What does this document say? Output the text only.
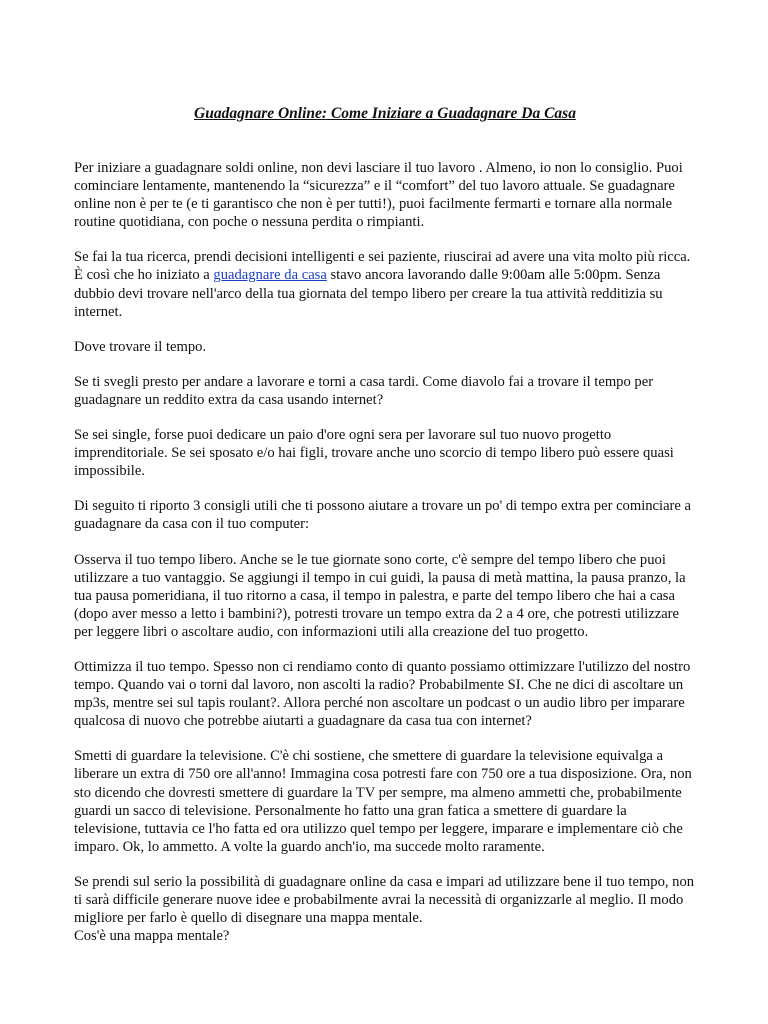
Guadagnare Online: Come Iniziare a Guadagnare Da Casa

Per iniziare a guadagnare soldi online, non devi lasciare il tuo lavoro . Almeno, io non lo consiglio. Puoi cominciare lentamente, mantenendo la “sicurezza” e il “comfort” del tuo lavoro attuale. Se guadagnare online non è per te (e ti garantisco che non è per tutti!), puoi facilmente fermarti e tornare alla normale routine quotidiana, con poche o nessuna perdita o rimpianti.

Se fai la tua ricerca, prendi decisioni intelligenti e sei paziente, riuscirai ad avere una vita molto più ricca. È così che ho iniziato a guadagnare da casa stavo ancora lavorando dalle 9:00am alle 5:00pm. Senza dubbio devi trovare nell'arco della tua giornata del tempo libero per creare la tua attività redditizia su internet.

Dove trovare il tempo.

Se ti svegli presto per andare a lavorare e torni a casa tardi. Come diavolo fai a trovare il tempo per guadagnare un reddito extra da casa usando internet?

Se sei single, forse puoi dedicare un paio d'ore ogni sera per lavorare sul tuo nuovo progetto imprenditoriale. Se sei sposato e/o hai figli, trovare anche uno scorcio di tempo libero può essere quasi impossibile.

Di seguito ti riporto 3 consigli utili che ti possono aiutare a trovare un po' di tempo extra per cominciare a guadagnare da casa con il tuo computer:

Osserva il tuo tempo libero. Anche se le tue giornate sono corte, c'è sempre del tempo libero che puoi utilizzare a tuo vantaggio. Se aggiungi il tempo in cui guidi, la pausa di metà mattina, la pausa pranzo, la tua pausa pomeridiana, il tuo ritorno a casa, il tempo in palestra, e parte del tempo libero che hai a casa (dopo aver messo a letto i bambini?), potresti trovare un tempo extra da 2 a 4 ore, che potresti utilizzare per leggere libri o ascoltare audio, con informazioni utili alla creazione del tuo progetto.

Ottimizza il tuo tempo. Spesso non ci rendiamo conto di quanto possiamo ottimizzare l'utilizzo del nostro tempo. Quando vai o torni dal lavoro, non ascolti la radio? Probabilmente SI. Che ne dici di ascoltare un mp3s, mentre sei sul tapis roulant?. Allora perché non ascoltare un podcast o un audio libro per imparare qualcosa di nuovo che potrebbe aiutarti a guadagnare da casa tua con internet?

Smetti di guardare la televisione. C'è chi sostiene, che smettere di guardare la televisione equivalga a liberare un extra di 750 ore all'anno! Immagina cosa potresti fare con 750 ore a tua disposizione. Ora, non sto dicendo che dovresti smettere di guardare la TV per sempre, ma almeno ammetti che, probabilmente guardi un sacco di televisione. Personalmente ho fatto una gran fatica a smettere di guardare la televisione, tuttavia ce l'ho fatta ed ora utilizzo quel tempo per leggere, imparare e implementare ciò che imparo. Ok, lo ammetto. A volte la guardo anch'io, ma succede molto raramente.

Se prendi sul serio la possibilità di guadagnare online da casa e impari ad utilizzare bene il tuo tempo, non ti sarà difficile generare nuove idee e probabilmente avrai la necessità di organizzarle al meglio. Il modo migliore per farlo è quello di disegnare una mappa mentale.

Cos'è una mappa mentale?
